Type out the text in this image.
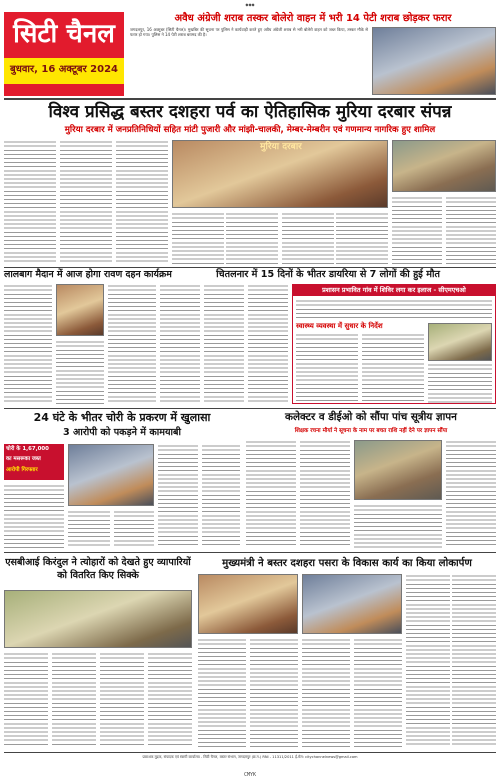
◆◆◆
सिटी चैनल
बुधवार, 16 अक्टूबर 2024
अवैध अंग्रेजी शराब तस्कर बोलेरो वाहन में भरी 14 पेटी शराब छोड़कर फरार
जगदलपुर, 16 अक्टूबर (सिटी चैनल)। मुखबिर की सूचना पर पुलिस ने कार्यवाही करते हुए अवैध अंग्रेजी शराब से भरी बोलेरो वाहन को जब्त किया, तस्कर मौके से फरार हो गया। पुलिस ने 14 पेटी शराब बरामद की है।
विश्व प्रसिद्ध बस्तर दशहरा पर्व का ऐतिहासिक मुरिया दरबार संपन्न
मुरिया दरबार में जनप्रतिनिधियों सहित मांटी पुजारी और मांझी-चालकी, मेम्बर-मेम्बरीन एवं गणमान्य नागरिक हुए शामिल
मुरिया दरबार
लालबाग मैदान में आज होगा रावण दहन कार्यक्रम	चितलनार में 15 दिनों के भीतर डायरिया से 7 लोगों की हुई मौत
प्रशासन प्रभावित गांव में शिविर लगा कर इलाज - सीएमएचओ
स्वास्थ्य व्यवस्था में सुधार के निर्देश
24 घंटे के भीतर चोरी के प्रकरण में खुलासा
3 आरोपी को पकड़ने में कामयाबी
चोरी के 1,67,000
का मसरूका जब्त
आरोपी गिरफ्तार
कलेक्टर व डीईओ को सौंपा पांच सूत्रीय ज्ञापन
शिक्षक रचना मौर्या ने सूचना के नाम पर बचत राशि नहीं देने पर ज्ञापन सौंपा
एसबीआई किरंदुल ने त्योहारों को देखते हुए व्यापारियों को वितरित किए सिक्के
मुख्यमंत्री ने बस्तर दशहरा पसरा के विकास कार्य का किया लोकार्पण
प्रकाशक मुद्रक, संपादक एवं स्वामी कार्यालय - सिटी चैनल, बस्तर संभाग, जगदलपुर (छ.ग.) RNI - 11311/2011 ई-मेल: citychannelnews@gmail.com
CMYK
